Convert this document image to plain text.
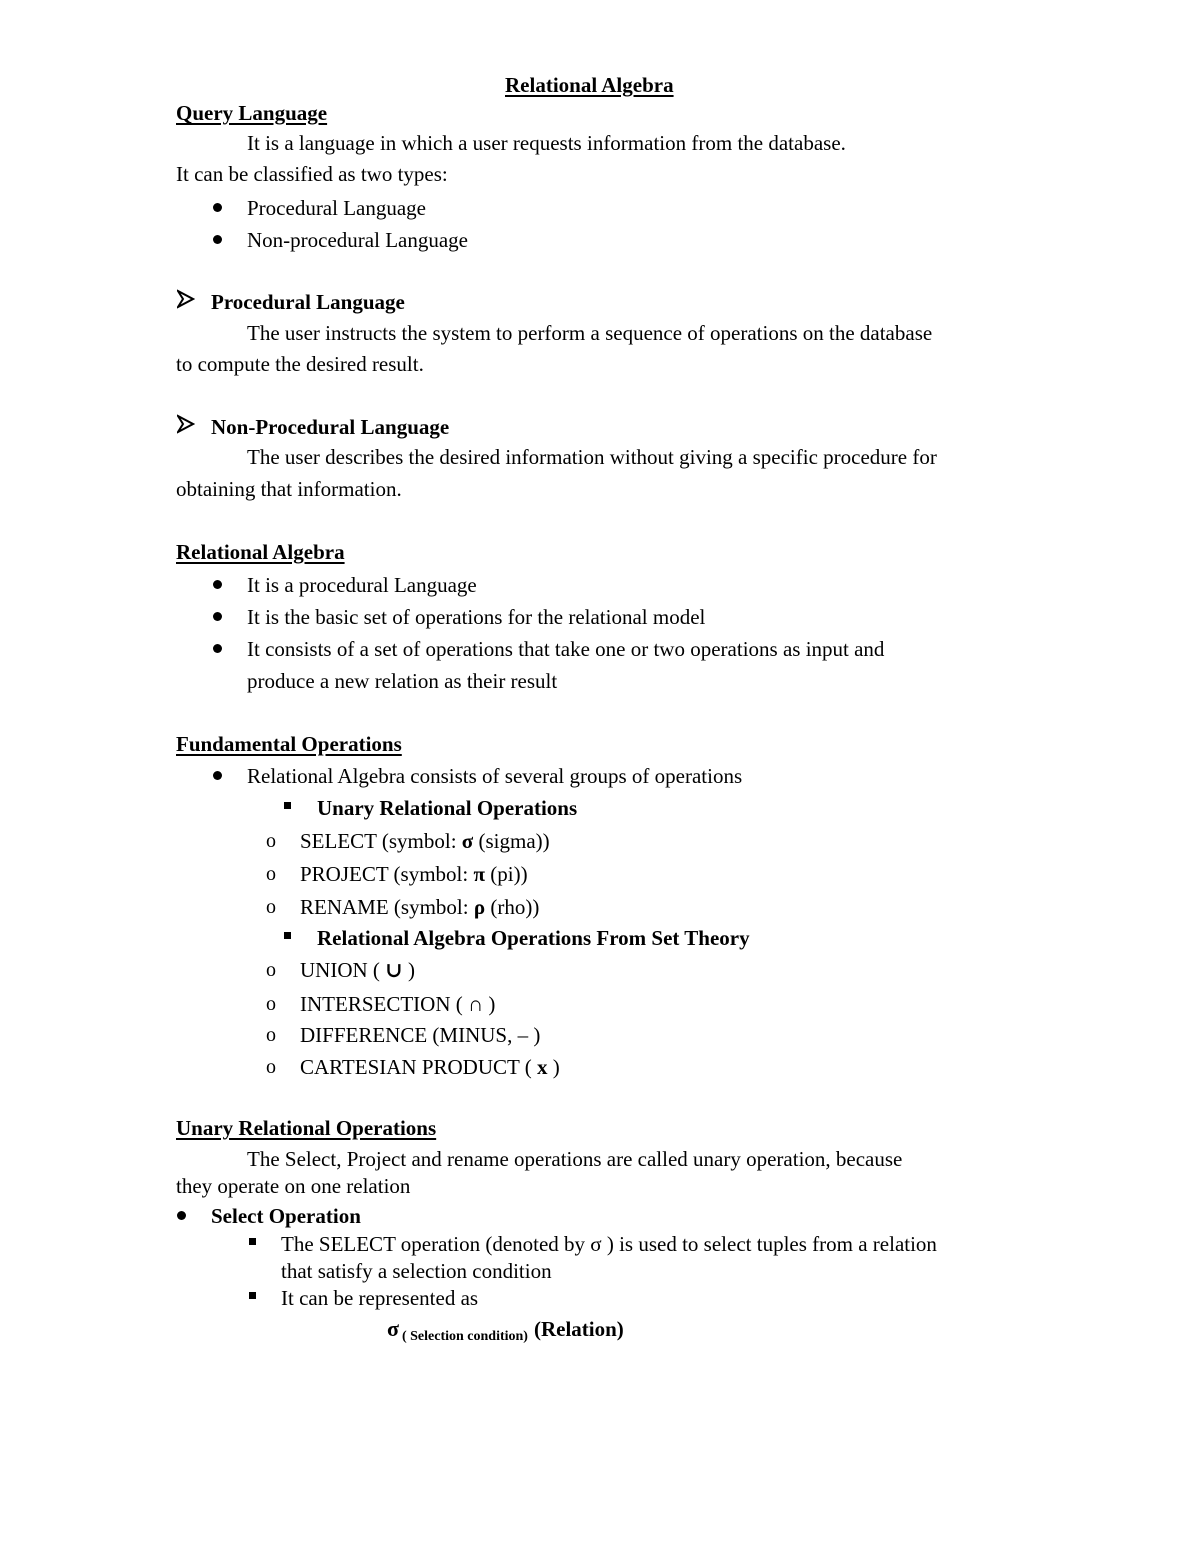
Relational Algebra
Query Language
It is a language in which a user requests information from the database.
It can be classified as two types:
Procedural Language
Non-procedural Language
Procedural Language
The user instructs the system to perform a sequence of operations on the database
to compute the desired result.
Non-Procedural Language
The user describes the desired information without giving a specific procedure for
obtaining that information.
Relational Algebra
It is a procedural Language
It is the basic set of operations for the relational model
It consists of a set of operations that take one or two operations as input and
produce a new relation as their result
Fundamental Operations
Relational Algebra consists of several groups of operations
Unary Relational Operations
o SELECT (symbol: σ (sigma))
o PROJECT (symbol: π (pi))
o RENAME (symbol: ρ (rho))
Relational Algebra Operations From Set Theory
o UNION ( ∪ )
o INTERSECTION ( ∩ )
o DIFFERENCE (MINUS, – )
o CARTESIAN PRODUCT ( x )
Unary Relational Operations
The Select, Project and rename operations are called unary operation, because
they operate on one relation
Select Operation
The SELECT operation (denoted by σ ) is used to select tuples from a relation
that satisfy a selection condition
It can be represented as
σ ( Selection condition) (Relation)
